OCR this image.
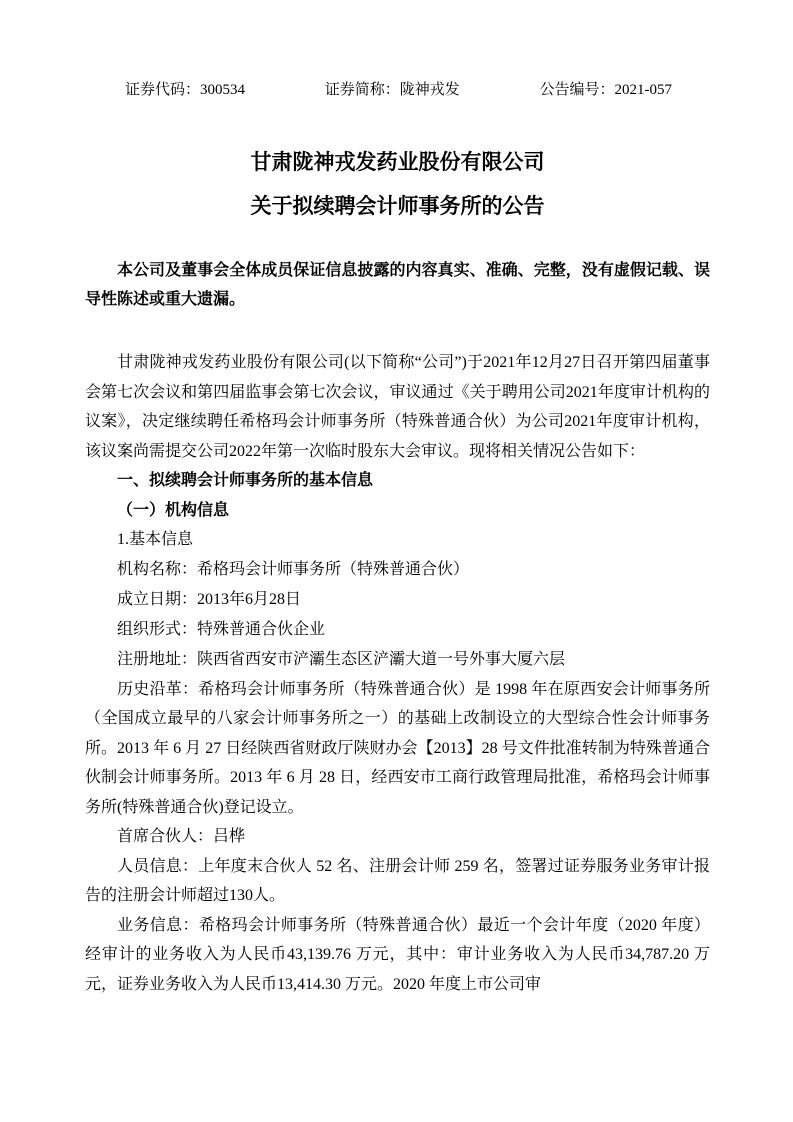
证券代码：300534	证券简称：陇神戎发	公告编号：2021-057

甘肃陇神戎发药业股份有限公司

关于拟续聘会计师事务所的公告

本公司及董事会全体成员保证信息披露的内容真实、准确、完整，没有虚假记载、误导性陈述或重大遗漏。

甘肃陇神戎发药业股份有限公司(以下简称“公司”)于2021年12月27日召开第四届董事会第七次会议和第四届监事会第七次会议，审议通过《关于聘用公司2021年度审计机构的议案》，决定继续聘任希格玛会计师事务所（特殊普通合伙）为公司2021年度审计机构，该议案尚需提交公司2022年第一次临时股东大会审议。现将相关情况公告如下：

一、拟续聘会计师事务所的基本信息

（一）机构信息

1.基本信息

机构名称：希格玛会计师事务所（特殊普通合伙）

成立日期：2013年6月28日

组织形式：特殊普通合伙企业

注册地址：陕西省西安市浐灞生态区浐灞大道一号外事大厦六层

历史沿革：希格玛会计师事务所（特殊普通合伙）是 1998 年在原西安会计师事务所（全国成立最早的八家会计师事务所之一）的基础上改制设立的大型综合性会计师事务所。2013 年 6 月 27 日经陕西省财政厅陕财办会【2013】28 号文件批准转制为特殊普通合伙制会计师事务所。2013 年 6 月 28 日，经西安市工商行政管理局批准，希格玛会计师事务所(特殊普通合伙)登记设立。

首席合伙人：吕桦

人员信息：上年度末合伙人 52 名、注册会计师 259 名，签署过证券服务业务审计报告的注册会计师超过130人。

业务信息：希格玛会计师事务所（特殊普通合伙）最近一个会计年度（2020 年度）经审计的业务收入为人民币43,139.76 万元，其中：审计业务收入为人民币34,787.20 万元，证券业务收入为人民币13,414.30 万元。2020 年度上市公司审
